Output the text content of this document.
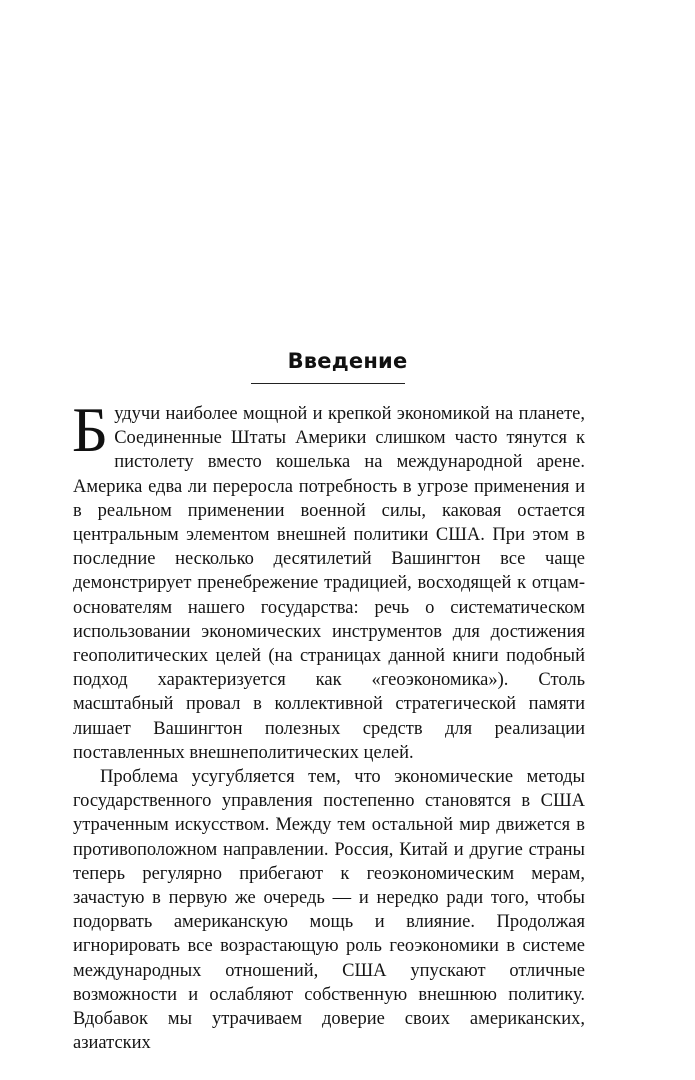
Введение

Будучи наиболее мощной и крепкой экономикой на планете, Соединенные Штаты Америки слишком часто тянутся к пистолету вместо кошелька на международной арене. Америка едва ли переросла потребность в угрозе применения и в реальном применении военной силы, каковая остается центральным элементом внешней политики США. При этом в последние несколько десятилетий Вашингтон все чаще демонстрирует пренебрежение традицией, восходящей к отцам-основателям нашего государства: речь о систематическом использовании экономических инструментов для достижения геополитических целей (на страницах данной книги подобный подход характеризуется как «геоэкономика»). Столь масштабный провал в коллективной стратегической памяти лишает Вашингтон полезных средств для реализации поставленных внешнеполитических целей.

Проблема усугубляется тем, что экономические методы государственного управления постепенно становятся в США утраченным искусством. Между тем остальной мир движется в противоположном направлении. Россия, Китай и другие страны теперь регулярно прибегают к геоэкономическим мерам, зачастую в первую же очередь — и нередко ради того, чтобы подорвать американскую мощь и влияние. Продолжая игнорировать все возрастающую роль геоэкономики в системе международных отношений, США упускают отличные возможности и ослабляют собственную внешнюю политику. Вдобавок мы утрачиваем доверие своих американских, азиатских
